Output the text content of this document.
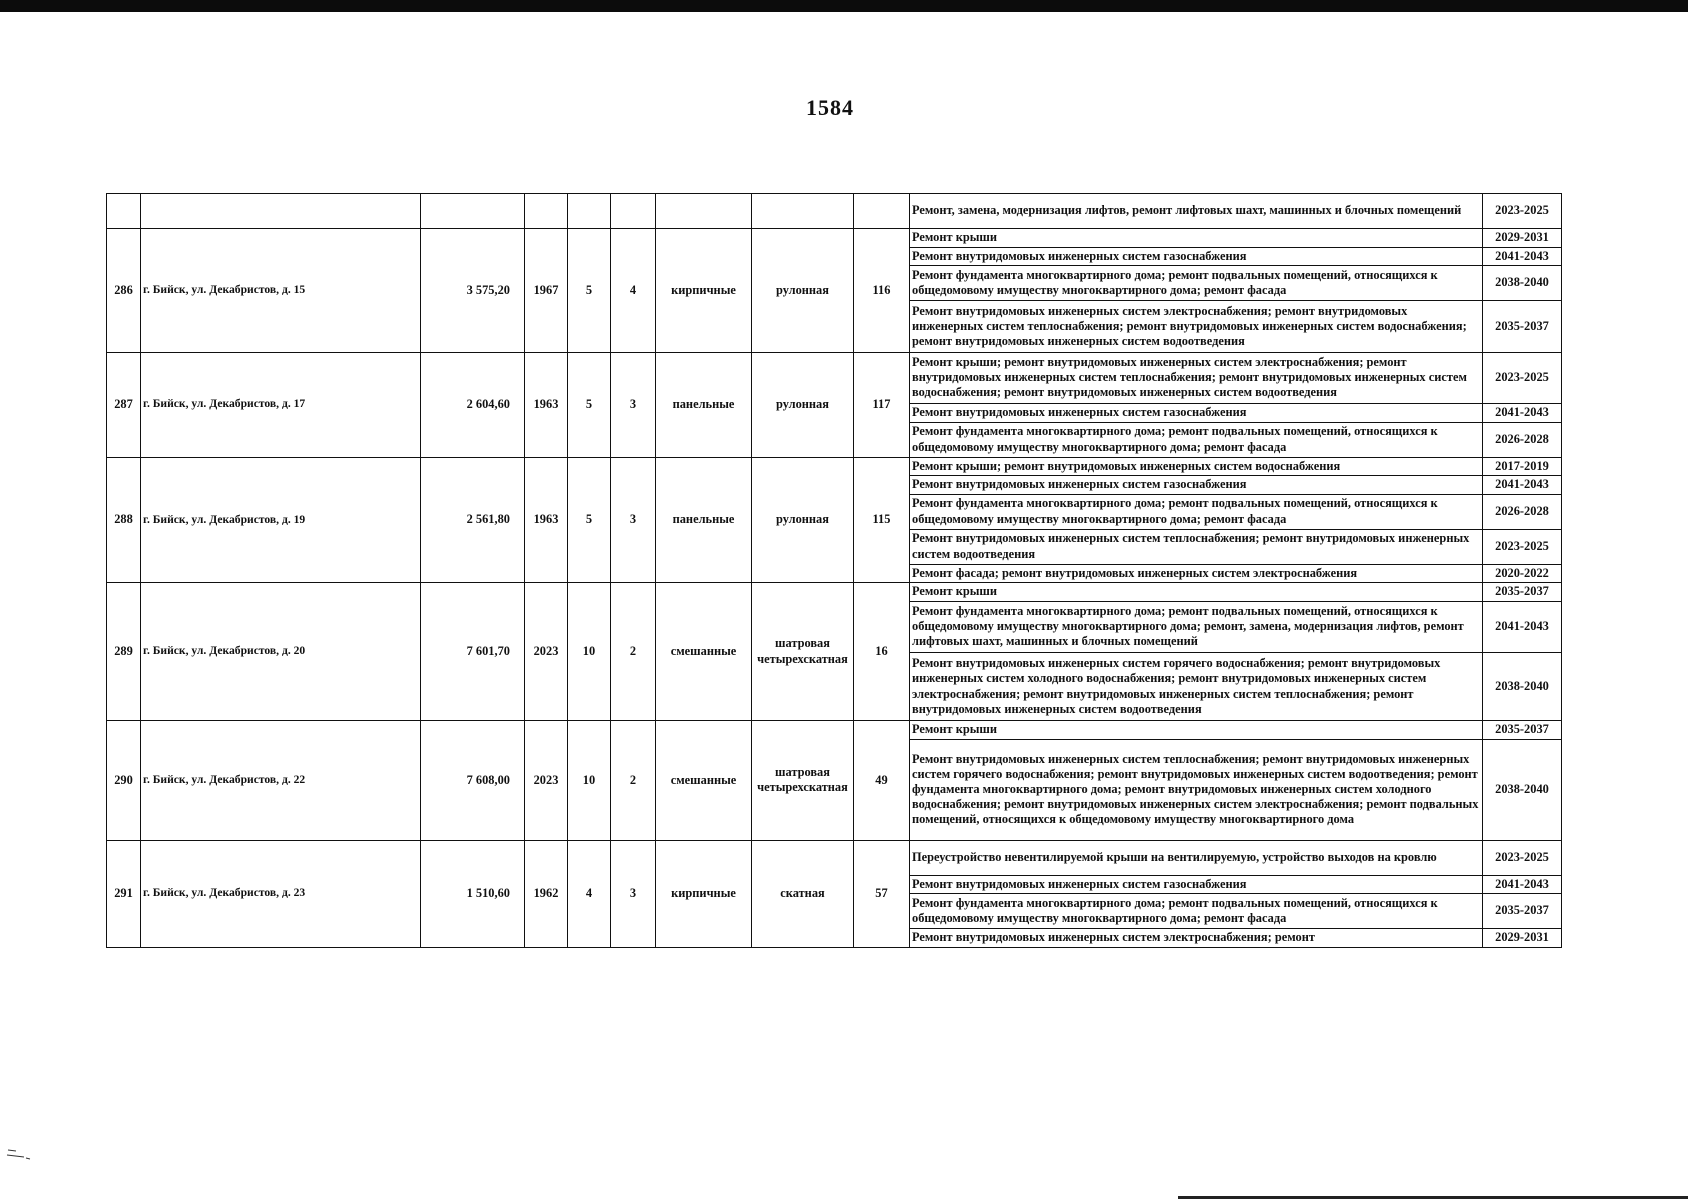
1584
									Ремонт, замена, модернизация лифтов, ремонт лифтовых шахт, машинных и блочных помещений	2023-2025
286	г. Бийск, ул. Декабристов, д. 15	3 575,20	1967	5	4	кирпичные	рулонная	116	Ремонт крыши	2029-2031
									Ремонт внутридомовых инженерных систем газоснабжения	2041-2043
									Ремонт фундамента многоквартирного дома; ремонт подвальных помещений, относящихся к общедомовому имуществу многоквартирного дома; ремонт фасада	2038-2040
									Ремонт внутридомовых инженерных систем электроснабжения; ремонт внутридомовых инженерных систем теплоснабжения; ремонт внутридомовых инженерных систем водоснабжения; ремонт внутридомовых инженерных систем водоотведения	2035-2037
287	г. Бийск, ул. Декабристов, д. 17	2 604,60	1963	5	3	панельные	рулонная	117	Ремонт крыши; ремонт внутридомовых инженерных систем электроснабжения; ремонт внутридомовых инженерных систем теплоснабжения; ремонт внутридомовых инженерных систем водоснабжения; ремонт внутридомовых инженерных систем водоотведения	2023-2025
									Ремонт внутридомовых инженерных систем газоснабжения	2041-2043
									Ремонт фундамента многоквартирного дома; ремонт подвальных помещений, относящихся к общедомовому имуществу многоквартирного дома; ремонт фасада	2026-2028
288	г. Бийск, ул. Декабристов, д. 19	2 561,80	1963	5	3	панельные	рулонная	115	Ремонт крыши; ремонт внутридомовых инженерных систем водоснабжения	2017-2019
									Ремонт внутридомовых инженерных систем газоснабжения	2041-2043
									Ремонт фундамента многоквартирного дома; ремонт подвальных помещений, относящихся к общедомовому имуществу многоквартирного дома; ремонт фасада	2026-2028
									Ремонт внутридомовых инженерных систем теплоснабжения; ремонт внутридомовых инженерных систем водоотведения	2023-2025
									Ремонт фасада; ремонт внутридомовых инженерных систем электроснабжения	2020-2022
289	г. Бийск, ул. Декабристов, д. 20	7 601,70	2023	10	2	смешанные	шатровая четырехскатная	16	Ремонт крыши	2035-2037
									Ремонт фундамента многоквартирного дома; ремонт подвальных помещений, относящихся к общедомовому имуществу многоквартирного дома; ремонт, замена, модернизация лифтов, ремонт лифтовых шахт, машинных и блочных помещений	2041-2043
									Ремонт внутридомовых инженерных систем горячего водоснабжения; ремонт внутридомовых инженерных систем холодного водоснабжения; ремонт внутридомовых инженерных систем электроснабжения; ремонт внутридомовых инженерных систем теплоснабжения; ремонт внутридомовых инженерных систем водоотведения	2038-2040
290	г. Бийск, ул. Декабристов, д. 22	7 608,00	2023	10	2	смешанные	шатровая четырехскатная	49	Ремонт крыши	2035-2037
									Ремонт внутридомовых инженерных систем теплоснабжения; ремонт внутридомовых инженерных систем горячего водоснабжения; ремонт внутридомовых инженерных систем водоотведения; ремонт фундамента многоквартирного дома; ремонт внутридомовых инженерных систем холодного водоснабжения; ремонт внутридомовых инженерных систем электроснабжения; ремонт подвальных помещений, относящихся к общедомовому имуществу многоквартирного дома	2038-2040
291	г. Бийск, ул. Декабристов, д. 23	1 510,60	1962	4	3	кирпичные	скатная	57	Переустройство невентилируемой крыши на вентилируемую, устройство выходов на кровлю	2023-2025
									Ремонт внутридомовых инженерных систем газоснабжения	2041-2043
									Ремонт фундамента многоквартирного дома; ремонт подвальных помещений, относящихся к общедомовому имуществу многоквартирного дома; ремонт фасада	2035-2037
									Ремонт внутридомовых инженерных систем электроснабжения; ремонт	2029-2031
